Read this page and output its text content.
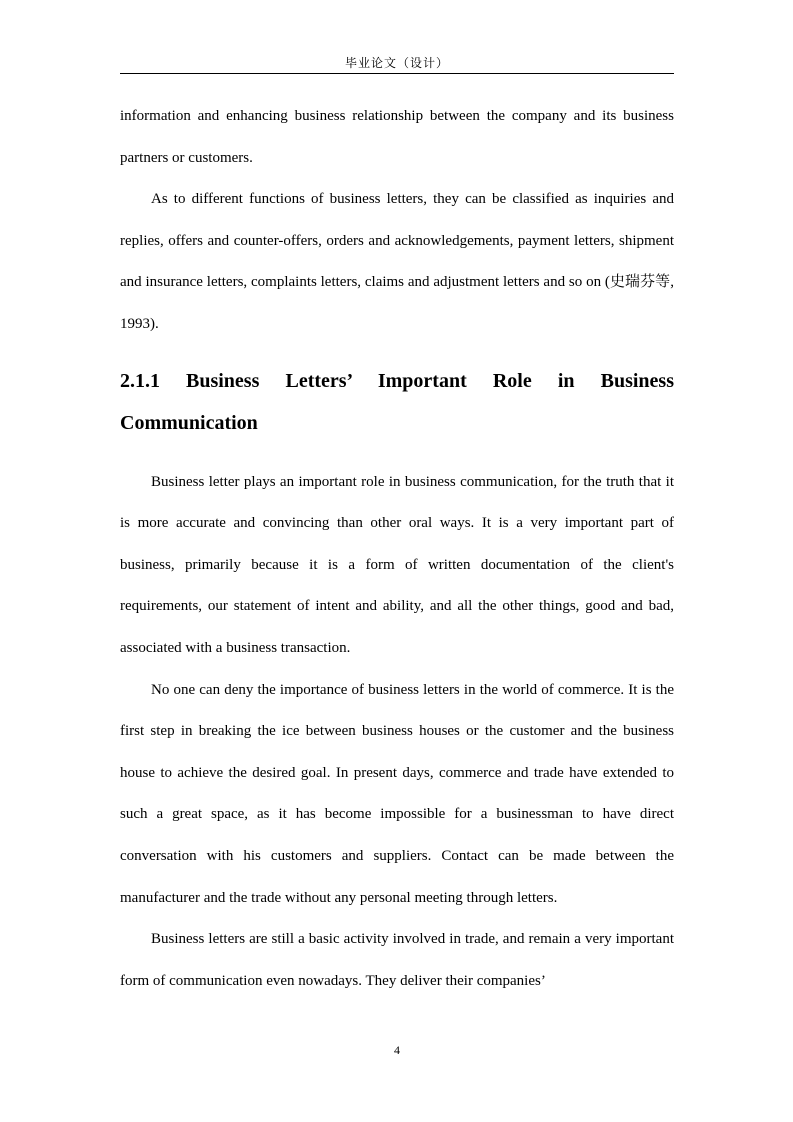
毕业论文（设计）

information and enhancing business relationship between the company and its business partners or customers.

As to different functions of business letters, they can be classified as inquiries and replies, offers and counter-offers, orders and acknowledgements, payment letters, shipment and insurance letters, complaints letters, claims and adjustment letters and so on (史瑞芬等, 1993).

2.1.1 Business Letters’ Important Role in Business Communication

Business letter plays an important role in business communication, for the truth that it is more accurate and convincing than other oral ways. It is a very important part of business, primarily because it is a form of written documentation of the client's requirements, our statement of intent and ability, and all the other things, good and bad, associated with a business transaction.

No one can deny the importance of business letters in the world of commerce. It is the first step in breaking the ice between business houses or the customer and the business house to achieve the desired goal. In present days, commerce and trade have extended to such a great space, as it has become impossible for a businessman to have direct conversation with his customers and suppliers. Contact can be made between the manufacturer and the trade without any personal meeting through letters.

Business letters are still a basic activity involved in trade, and remain a very important form of communication even nowadays. They deliver their companies’

4
